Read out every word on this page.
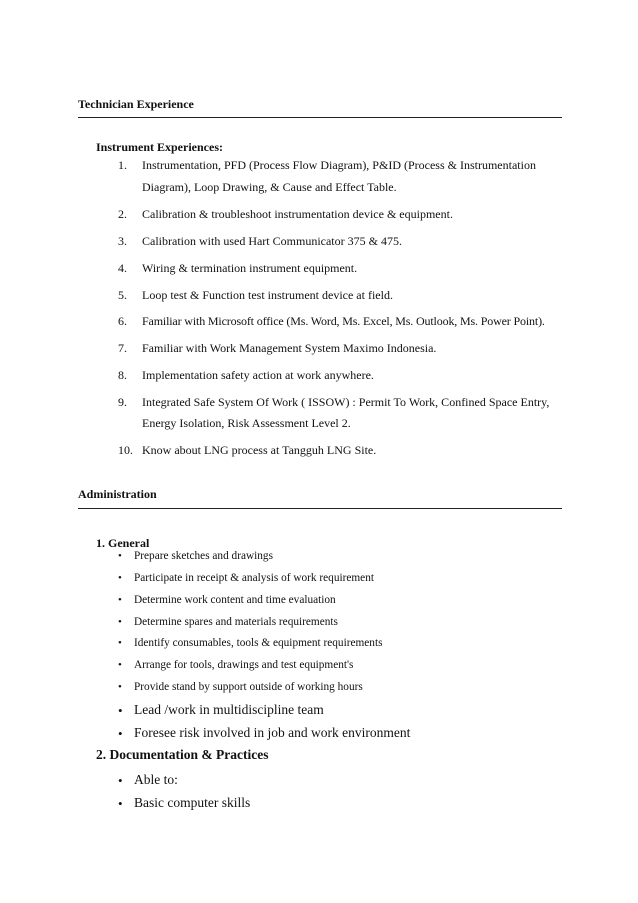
Technician Experience
Instrument Experiences:
1. Instrumentation, PFD (Process Flow Diagram), P&ID (Process & Instrumentation
Diagram), Loop Drawing, & Cause and Effect Table.
2. Calibration & troubleshoot instrumentation device & equipment.
3. Calibration with used Hart Communicator 375 & 475.
4. Wiring & termination instrument equipment.
5. Loop test & Function test instrument device at field.
6. Familiar with Microsoft office (Ms. Word, Ms. Excel, Ms. Outlook, Ms. Power Point).
7. Familiar with Work Management System Maximo Indonesia.
8. Implementation safety action at work anywhere.
9. Integrated Safe System Of Work ( ISSOW) : Permit To Work, Confined Space Entry,
Energy Isolation, Risk Assessment Level 2.
10. Know about LNG process at Tangguh LNG Site.
Administration
1. General
• Prepare sketches and drawings
• Participate in receipt & analysis of work requirement
• Determine work content and time evaluation
• Determine spares and materials requirements
• Identify consumables, tools & equipment requirements
• Arrange for tools, drawings and test equipment's
• Provide stand by support outside of working hours
• Lead /work in multidiscipline team
• Foresee risk involved in job and work environment
2. Documentation & Practices
• Able to:
• Basic computer skills
